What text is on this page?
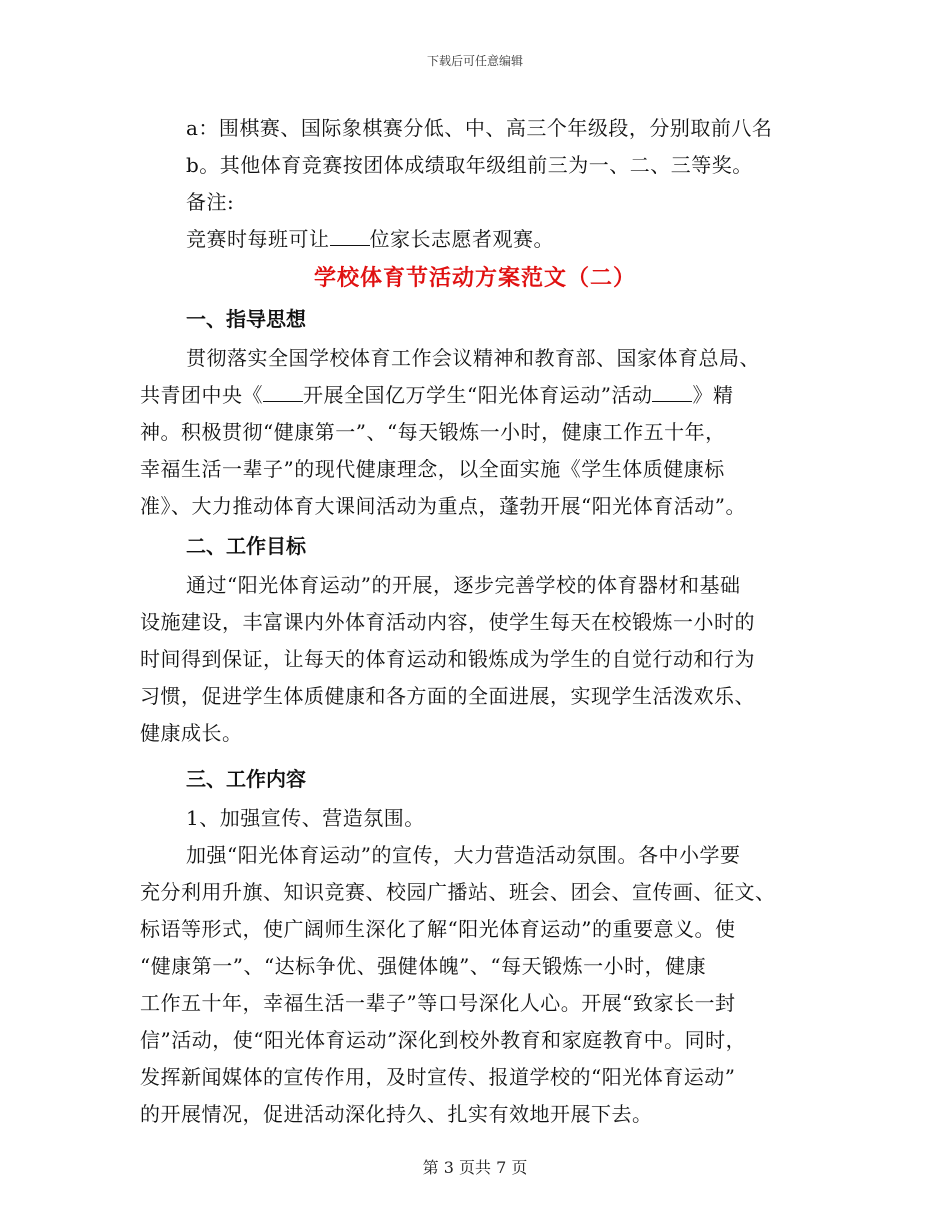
下载后可任意编辑
a：围棋赛、国际象棋赛分低、中、高三个年级段，分别取前八名
b。其他体育竞赛按团体成绩取年级组前三为一、二、三等奖。
备注:
竞赛时每班可让 位家长志愿者观赛。
学校体育节活动方案范文（二）
一、指导思想
贯彻落实全国学校体育工作会议精神和教育部、国家体育总局、
共青团中央《 开展全国亿万学生“阳光体育运动”活动 》精
神。积极贯彻“健康第一”、“每天锻炼一小时，健康工作五十年，
幸福生活一辈子”的现代健康理念，以全面实施《学生体质健康标
准》、大力推动体育大课间活动为重点，蓬勃开展“阳光体育活动”。
二、工作目标
通过“阳光体育运动”的开展，逐步完善学校的体育器材和基础
设施建设，丰富课内外体育活动内容，使学生每天在校锻炼一小时的
时间得到保证，让每天的体育运动和锻炼成为学生的自觉行动和行为
习惯，促进学生体质健康和各方面的全面进展，实现学生活泼欢乐、
健康成长。
三、工作内容
1、加强宣传、营造氛围。
加强“阳光体育运动”的宣传，大力营造活动氛围。各中小学要
充分利用升旗、知识竞赛、校园广播站、班会、团会、宣传画、征文、
标语等形式，使广阔师生深化了解“阳光体育运动”的重要意义。使
“健康第一”、“达标争优、强健体魄”、“每天锻炼一小时，健康
工作五十年，幸福生活一辈子”等口号深化人心。开展“致家长一封
信”活动，使“阳光体育运动”深化到校外教育和家庭教育中。同时，
发挥新闻媒体的宣传作用，及时宣传、报道学校的“阳光体育运动”
的开展情况，促进活动深化持久、扎实有效地开展下去。
第 3 页共 7 页
